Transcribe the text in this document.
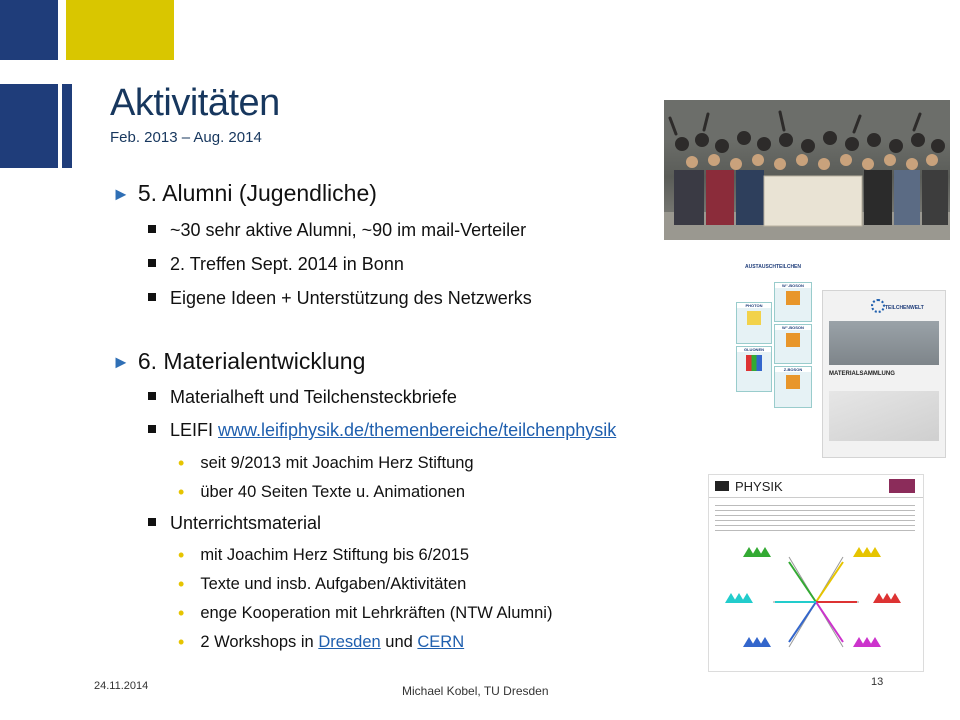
Aktivitäten
Feb. 2013 – Aug. 2014
► 5. Alumni (Jugendliche)
~30 sehr aktive Alumni, ~90 im mail-Verteiler
2. Treffen Sept. 2014 in Bonn
Eigene Ideen + Unterstützung des Netzwerks
► 6. Materialentwicklung
Materialheft und Teilchensteckbriefe
LEIFI www.leifiphysik.de/themenbereiche/teilchenphysik
• seit 9/2013 mit Joachim Herz Stiftung
• über 40 Seiten Texte u. Animationen
Unterrichtsmaterial
• mit Joachim Herz Stiftung bis 6/2015
• Texte und insb. Aufgaben/Aktivitäten
• enge Kooperation mit Lehrkräften (NTW Alumni)
• 2 Workshops in Dresden und CERN
AUSTAUSCHTEILCHEN
W⁻-BOSON
PHOTON
W⁺-BOSON
GLUONEN
Z-BOSON
TEILCHENWELT
MATERIALSAMMLUNG
PHYSIK
24.11.2014	Michael Kobel, TU Dresden
13
